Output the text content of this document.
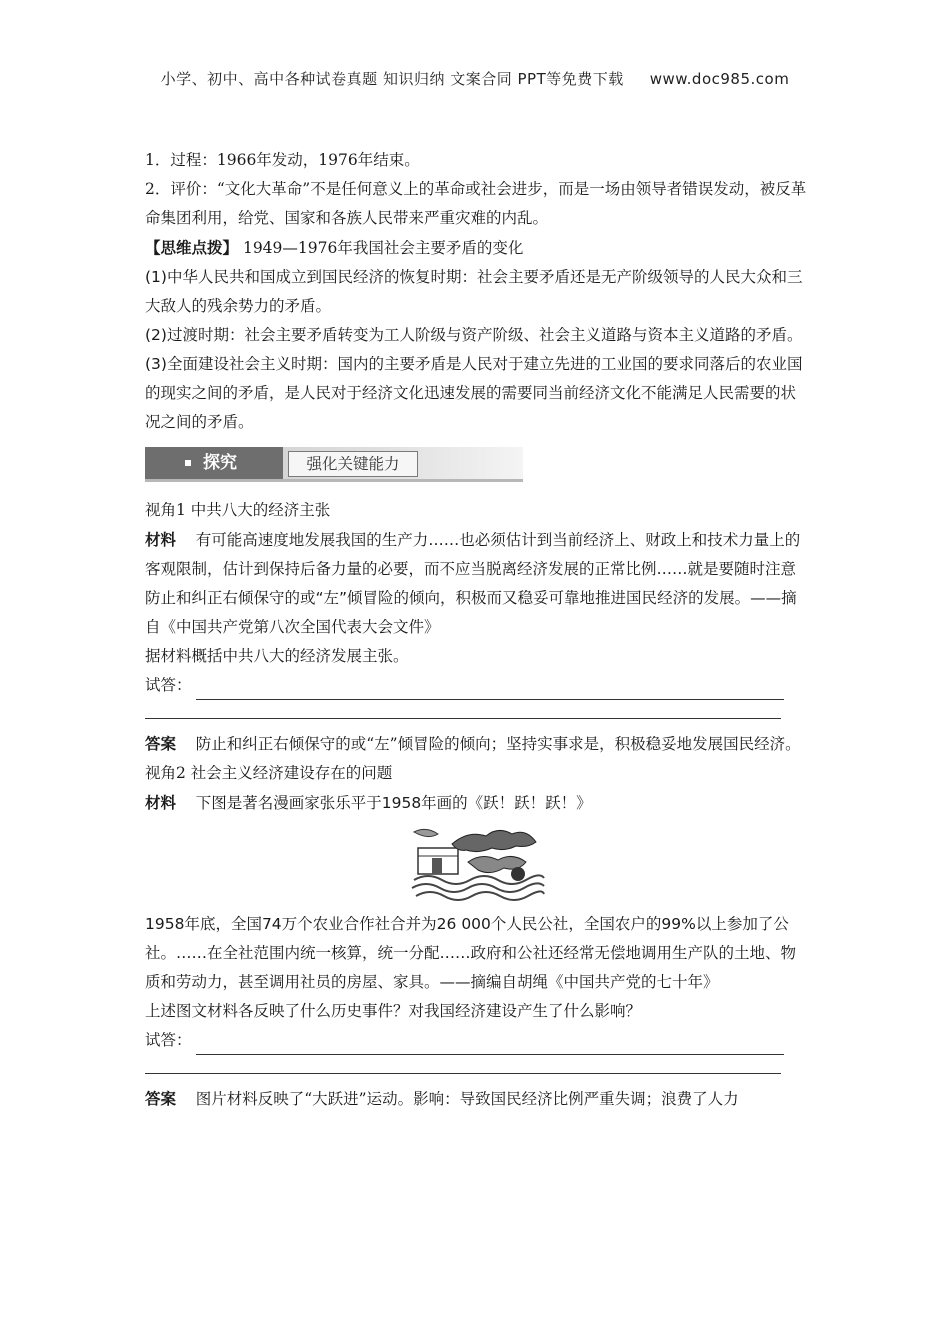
小学、初中、高中各种试卷真题 知识归纳 文案合同 PPT等免费下载 www.doc985.com

1．过程：1966年发动，1976年结束。

2．评价：“文化大革命”不是任何意义上的革命或社会进步，而是一场由领导者错误发动，被反革命集团利用，给党、国家和各族人民带来严重灾难的内乱。

【思维点拨】 1949—1976年我国社会主要矛盾的变化

(1)中华人民共和国成立到国民经济的恢复时期：社会主要矛盾还是无产阶级领导的人民大众和三大敌人的残余势力的矛盾。

(2)过渡时期：社会主要矛盾转变为工人阶级与资产阶级、社会主义道路与资本主义道路的矛盾。

(3)全面建设社会主义时期：国内的主要矛盾是人民对于建立先进的工业国的要求同落后的农业国的现实之间的矛盾，是人民对于经济文化迅速发展的需要同当前经济文化不能满足人民需要的状况之间的矛盾。

探究	强化关键能力

视角1 中共八大的经济主张

材料 有可能高速度地发展我国的生产力……也必须估计到当前经济上、财政上和技术力量上的客观限制，估计到保持后备力量的必要，而不应当脱离经济发展的正常比例……就是要随时注意防止和纠正右倾保守的或“左”倾冒险的倾向，积极而又稳妥可靠地推进国民经济的发展。——摘自《中国共产党第八次全国代表大会文件》

据材料概括中共八大的经济发展主张。

试答：

答案 防止和纠正右倾保守的或“左”倾冒险的倾向；坚持实事求是，积极稳妥地发展国民经济。

视角2 社会主义经济建设存在的问题

材料 下图是著名漫画家张乐平于1958年画的《跃！跃！跃！》

1958年底，全国74万个农业合作社合并为26 000个人民公社，全国农户的99%以上参加了公社。……在全社范围内统一核算，统一分配……政府和公社还经常无偿地调用生产队的土地、物质和劳动力，甚至调用社员的房屋、家具。——摘编自胡绳《中国共产党的七十年》

上述图文材料各反映了什么历史事件？对我国经济建设产生了什么影响？

试答：

答案 图片材料反映了“大跃进”运动。影响：导致国民经济比例严重失调；浪费了人力
